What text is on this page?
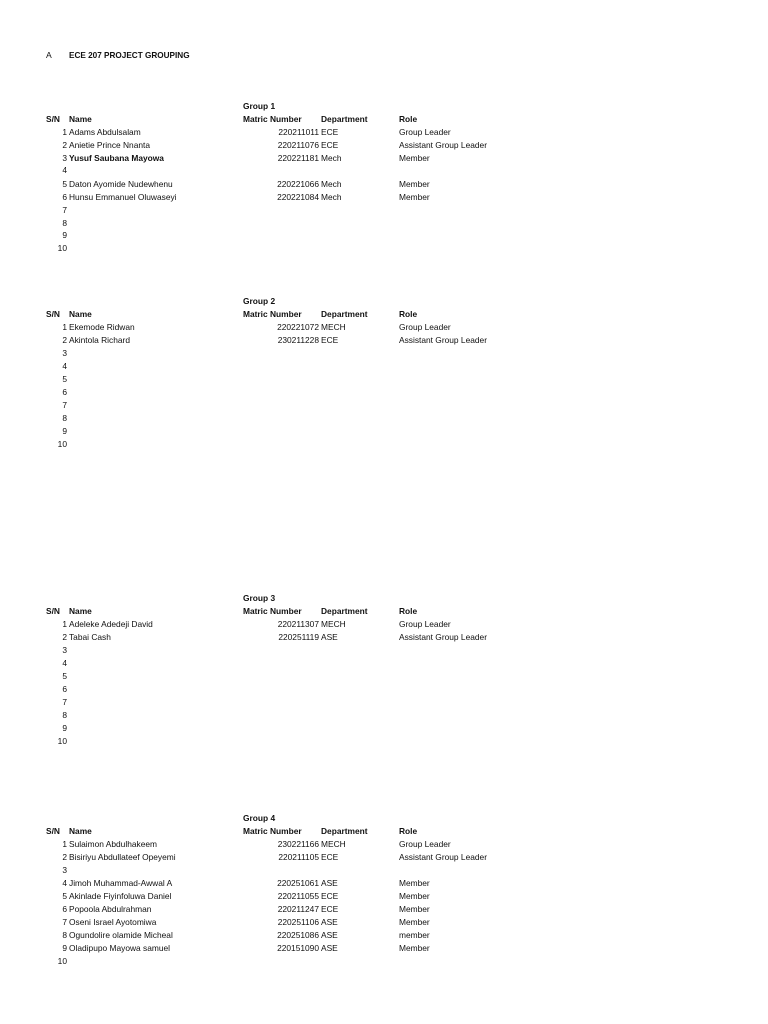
A ECE 207 PROJECT GROUPING
Group 1
S/N Name	Matric Number Department	Role
1 Adams Abdulsalam	220211011 ECE	Group Leader
2 Anietie Prince Nnanta	220211076 ECE	Assistant Group Leader
3 Yusuf Saubana Mayowa	220221181 Mech	Member
4
5 Daton Ayomide Nudewhenu	220221066 Mech	Member
6 Hunsu Emmanuel Oluwaseyi	220221084 Mech	Member
7
8
9
10
Group 2
S/N Name	Matric Number Department	Role
1 Ekemode Ridwan	220221072 MECH	Group Leader
2 Akintola Richard	230211228 ECE	Assistant Group Leader
3
4
5
6
7
8
9
10
Group 3
S/N Name	Matric Number Department	Role
1 Adeleke Adedeji David	220211307 MECH	Group Leader
2 Tabai Cash	220251119 ASE	Assistant Group Leader
3
4
5
6
7
8
9
10
Group 4
S/N Name	Matric Number Department	Role
1 Sulaimon Abdulhakeem	230221166 MECH	Group Leader
2 Bisiriyu Abdullateef Opeyemi	220211105 ECE	Assistant Group Leader
3
4 Jimoh Muhammad-Awwal A	220251061 ASE	Member
5 Akinlade Fiyinfoluwa Daniel	220211055 ECE	Member
6 Popoola Abdulrahman	220211247 ECE	Member
7 Oseni Israel Ayotomiwa	220251106 ASE	Member
8 Ogundolire olamide Micheal	220251086 ASE	member
9 Oladipupo Mayowa samuel	220151090 ASE	Member
10
